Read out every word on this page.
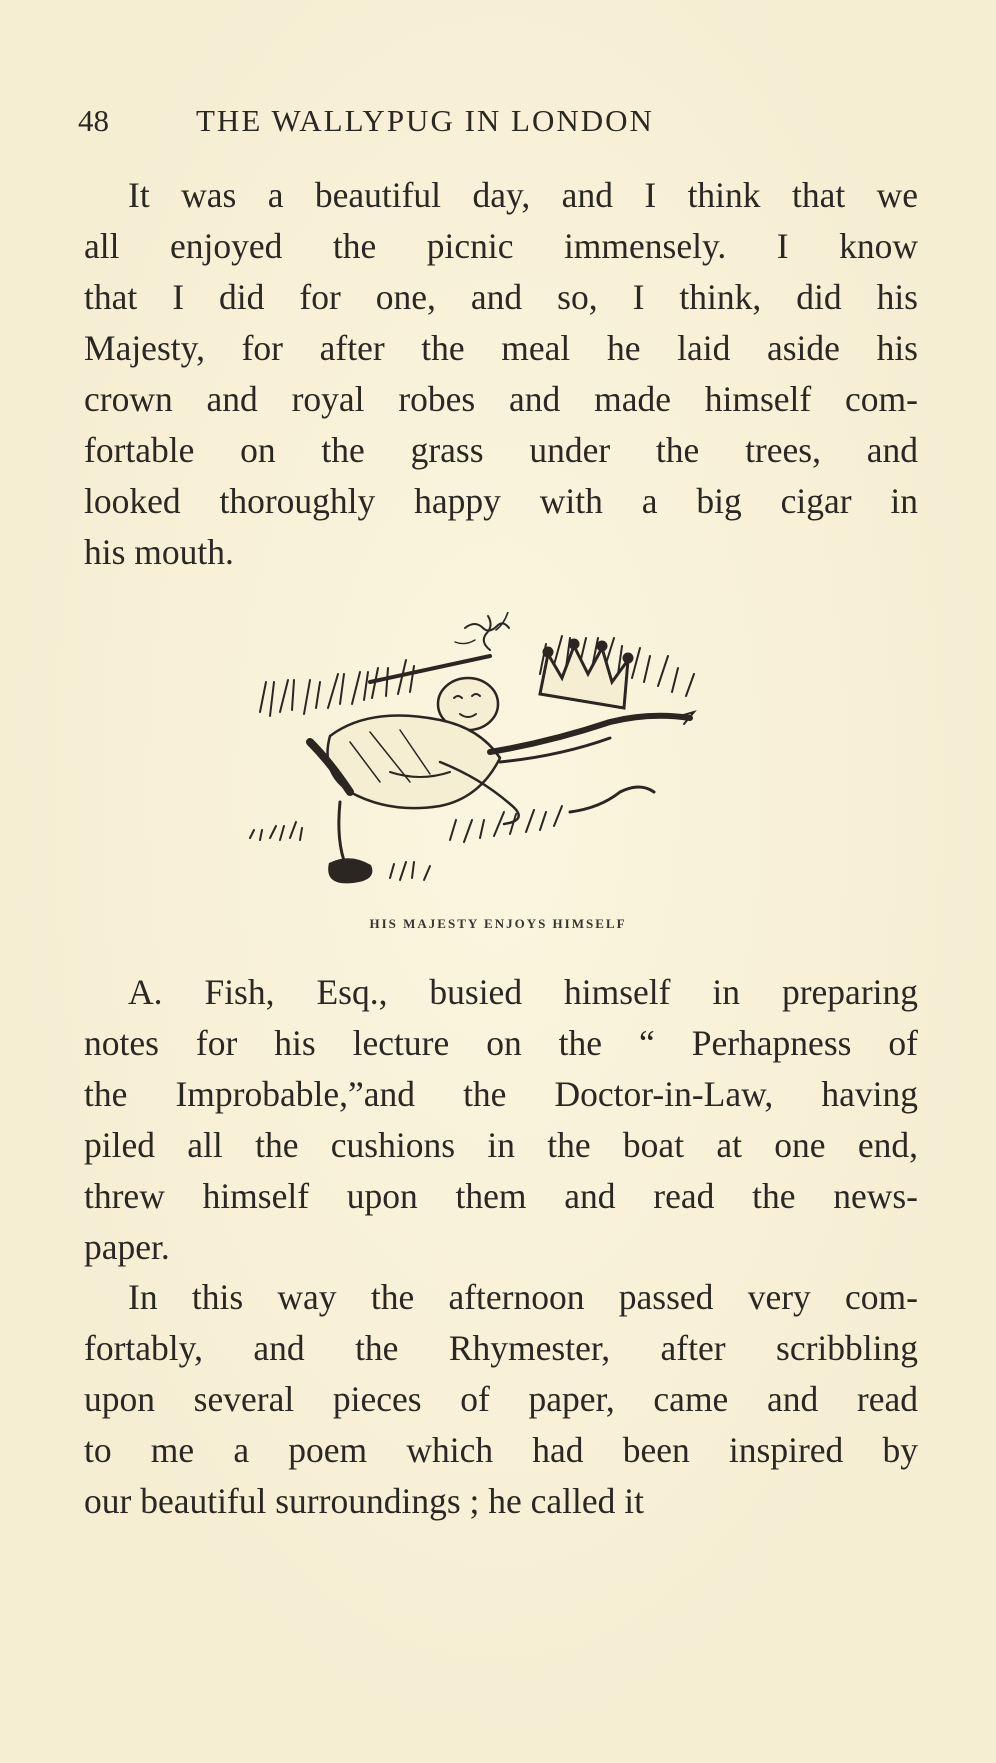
48	THE WALLYPUG IN LONDON
It was a beautiful day, and I think that we
all enjoyed the picnic immensely. I know
that I did for one, and so, I think, did his
Majesty, for after the meal he laid aside his
crown and royal robes and made himself com-
fortable on the grass under the trees, and
looked thoroughly happy with a big cigar in
his mouth.
HIS MAJESTY ENJOYS HIMSELF
A. Fish, Esq., busied himself in preparing
notes for his lecture on the “ Perhapness of
the Improbable,”and the Doctor-in-Law, having
piled all the cushions in the boat at one end,
threw himself upon them and read the news-
paper.
In this way the afternoon passed very com-
fortably, and the Rhymester, after scribbling
upon several pieces of paper, came and read
to me a poem which had been inspired by
our beautiful surroundings ; he called it
